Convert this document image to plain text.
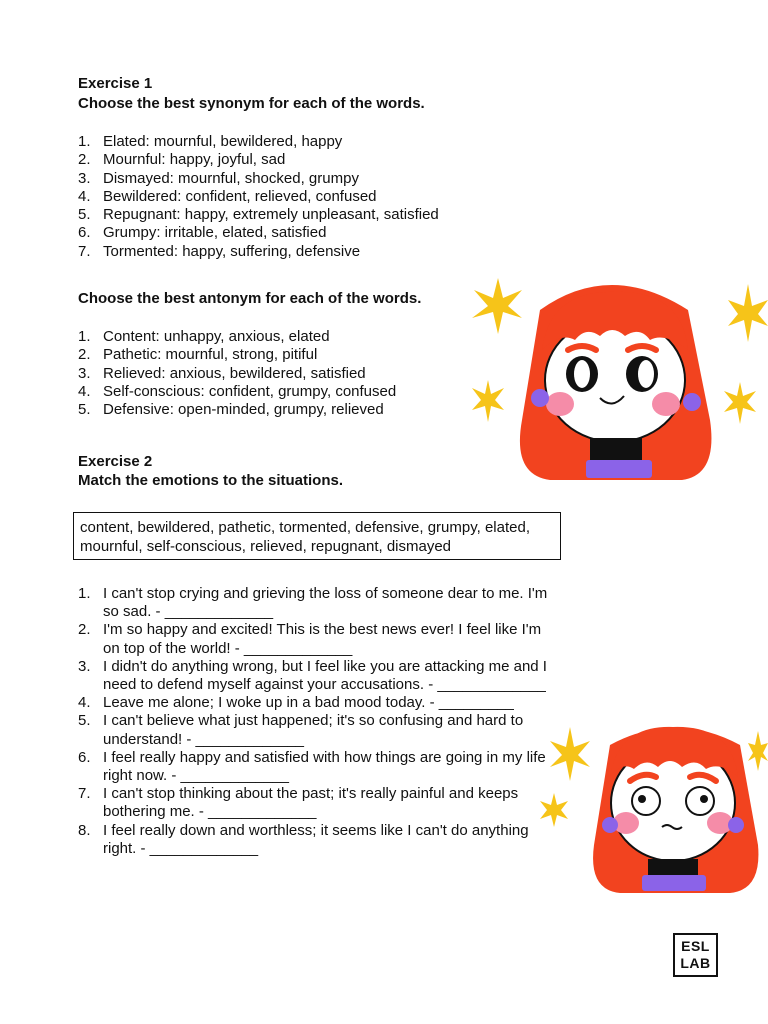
Exercise 1
Choose the best synonym for each of the words.
1. Elated: mournful, bewildered, happy
2. Mournful: happy, joyful, sad
3. Dismayed: mournful, shocked, grumpy
4. Bewildered: confident, relieved, confused
5. Repugnant: happy, extremely unpleasant, satisfied
6. Grumpy: irritable, elated, satisfied
7. Tormented: happy, suffering, defensive
Choose the best antonym for each of the words.
1. Content: unhappy, anxious, elated
2. Pathetic: mournful, strong, pitiful
3. Relieved: anxious, bewildered, satisfied
4. Self-conscious: confident, grumpy, confused
5. Defensive: open-minded, grumpy, relieved
Exercise 2
Match the emotions to the situations.
content, bewildered, pathetic, tormented, defensive, grumpy, elated, mournful, self-conscious, relieved, repugnant, dismayed
1. I can't stop crying and grieving the loss of someone dear to me. I'm so sad. - _____________
2. I'm so happy and excited! This is the best news ever! I feel like I'm on top of the world! - _____________
3. I didn't do anything wrong, but I feel like you are attacking me and I need to defend myself against your accusations. - _____________
4. Leave me alone; I woke up in a bad mood today. - _________
5. I can't believe what just happened; it's so confusing and hard to understand! - _____________
6. I feel really happy and satisfied with how things are going in my life right now. - _____________
7. I can't stop thinking about the past; it's really painful and keeps bothering me. - _____________
8. I feel really down and worthless; it seems like I can't do anything right. - _____________
ESL
LAB
